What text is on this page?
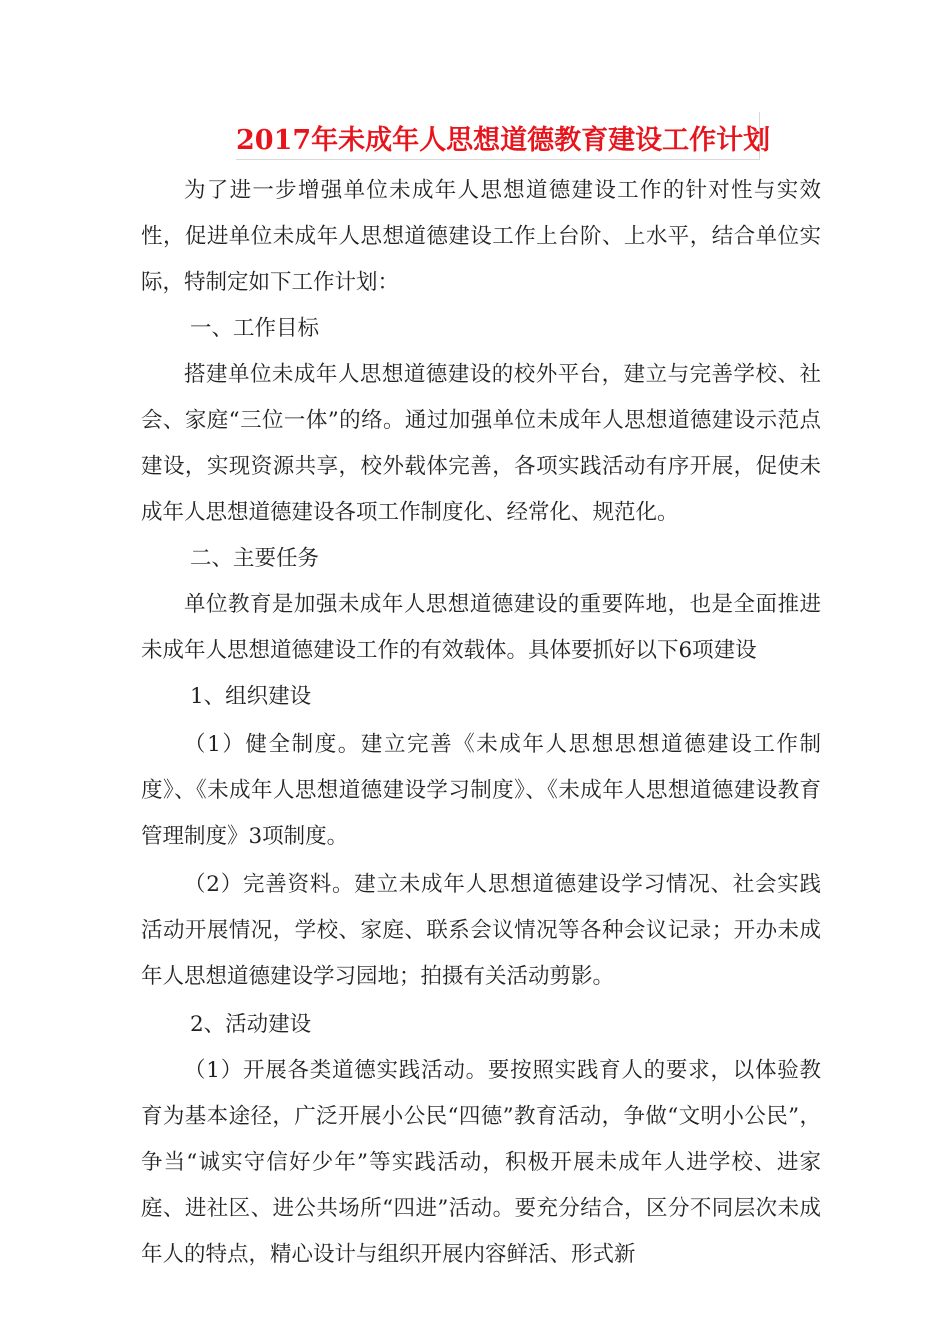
2017年未成年人思想道德教育建设工作计划

为了进一步增强单位未成年人思想道德建设工作的针对性与实效性，促进单位未成年人思想道德建设工作上台阶、上水平，结合单位实际，特制定如下工作计划：

一、工作目标

搭建单位未成年人思想道德建设的校外平台，建立与完善学校、社会、家庭“三位一体”的络。通过加强单位未成年人思想道德建设示范点建设，实现资源共享，校外载体完善，各项实践活动有序开展，促使未成年人思想道德建设各项工作制度化、经常化、规范化。

二、主要任务

单位教育是加强未成年人思想道德建设的重要阵地，也是全面推进未成年人思想道德建设工作的有效载体。具体要抓好以下6项建设

1、组织建设

（1）健全制度。建立完善《未成年人思想思想道德建设工作制度》、《未成年人思想道德建设学习制度》、《未成年人思想道德建设教育管理制度》3项制度。

（2）完善资料。建立未成年人思想道德建设学习情况、社会实践活动开展情况，学校、家庭、联系会议情况等各种会议记录；开办未成年人思想道德建设学习园地；拍摄有关活动剪影。

2、活动建设

（1）开展各类道德实践活动。要按照实践育人的要求，以体验教育为基本途径，广泛开展小公民“四德”教育活动，争做“文明小公民”，争当“诚实守信好少年”等实践活动，积极开展未成年人进学校、进家庭、进社区、进公共场所“四进”活动。要充分结合，区分不同层次未成年人的特点，精心设计与组织开展内容鲜活、形式新
